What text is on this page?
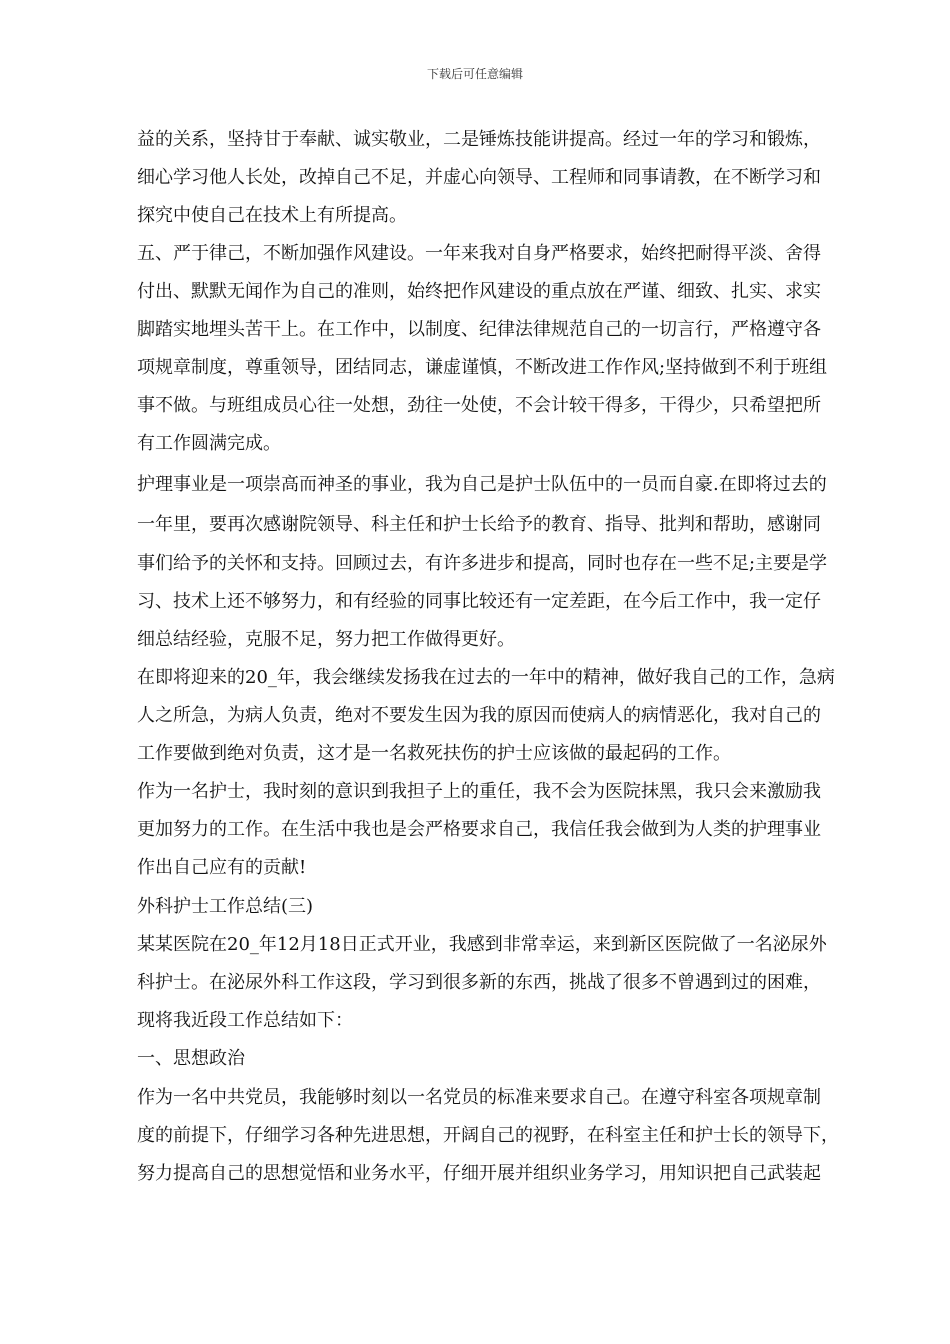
下载后可任意编辑
益的关系，坚持甘于奉献、诚实敬业，二是锤炼技能讲提高。经过一年的学习和锻炼，
细心学习他人长处，改掉自己不足，并虚心向领导、工程师和同事请教，在不断学习和
探究中使自己在技术上有所提高。
五、严于律己，不断加强作风建设。一年来我对自身严格要求，始终把耐得平淡、舍得
付出、默默无闻作为自己的准则，始终把作风建设的重点放在严谨、细致、扎实、求实
脚踏实地埋头苦干上。在工作中，以制度、纪律法律规范自己的一切言行，严格遵守各
项规章制度，尊重领导，团结同志，谦虚谨慎，不断改进工作作风;坚持做到不利于班组
事不做。与班组成员心往一处想，劲往一处使，不会计较干得多，干得少，只希望把所
有工作圆满完成。
护理事业是一项崇高而神圣的事业，我为自己是护士队伍中的一员而自豪.在即将过去的
一年里，要再次感谢院领导、科主任和护士长给予的教育、指导、批判和帮助，感谢同
事们给予的关怀和支持。回顾过去，有许多进步和提高，同时也存在一些不足;主要是学
习、技术上还不够努力，和有经验的同事比较还有一定差距，在今后工作中，我一定仔
细总结经验，克服不足，努力把工作做得更好。
在即将迎来的20_年，我会继续发扬我在过去的一年中的精神，做好我自己的工作，急病
人之所急，为病人负责，绝对不要发生因为我的原因而使病人的病情恶化，我对自己的
工作要做到绝对负责，这才是一名救死扶伤的护士应该做的最起码的工作。
作为一名护士，我时刻的意识到我担子上的重任，我不会为医院抹黑，我只会来激励我
更加努力的工作。在生活中我也是会严格要求自己，我信任我会做到为人类的护理事业
作出自己应有的贡献!
外科护士工作总结(三)
某某医院在20_年12月18日正式开业，我感到非常幸运，来到新区医院做了一名泌尿外
科护士。在泌尿外科工作这段，学习到很多新的东西，挑战了很多不曾遇到过的困难，
现将我近段工作总结如下：
一、思想政治
作为一名中共党员，我能够时刻以一名党员的标准来要求自己。在遵守科室各项规章制
度的前提下，仔细学习各种先进思想，开阔自己的视野，在科室主任和护士长的领导下，
努力提高自己的思想觉悟和业务水平，仔细开展并组织业务学习，用知识把自己武装起
